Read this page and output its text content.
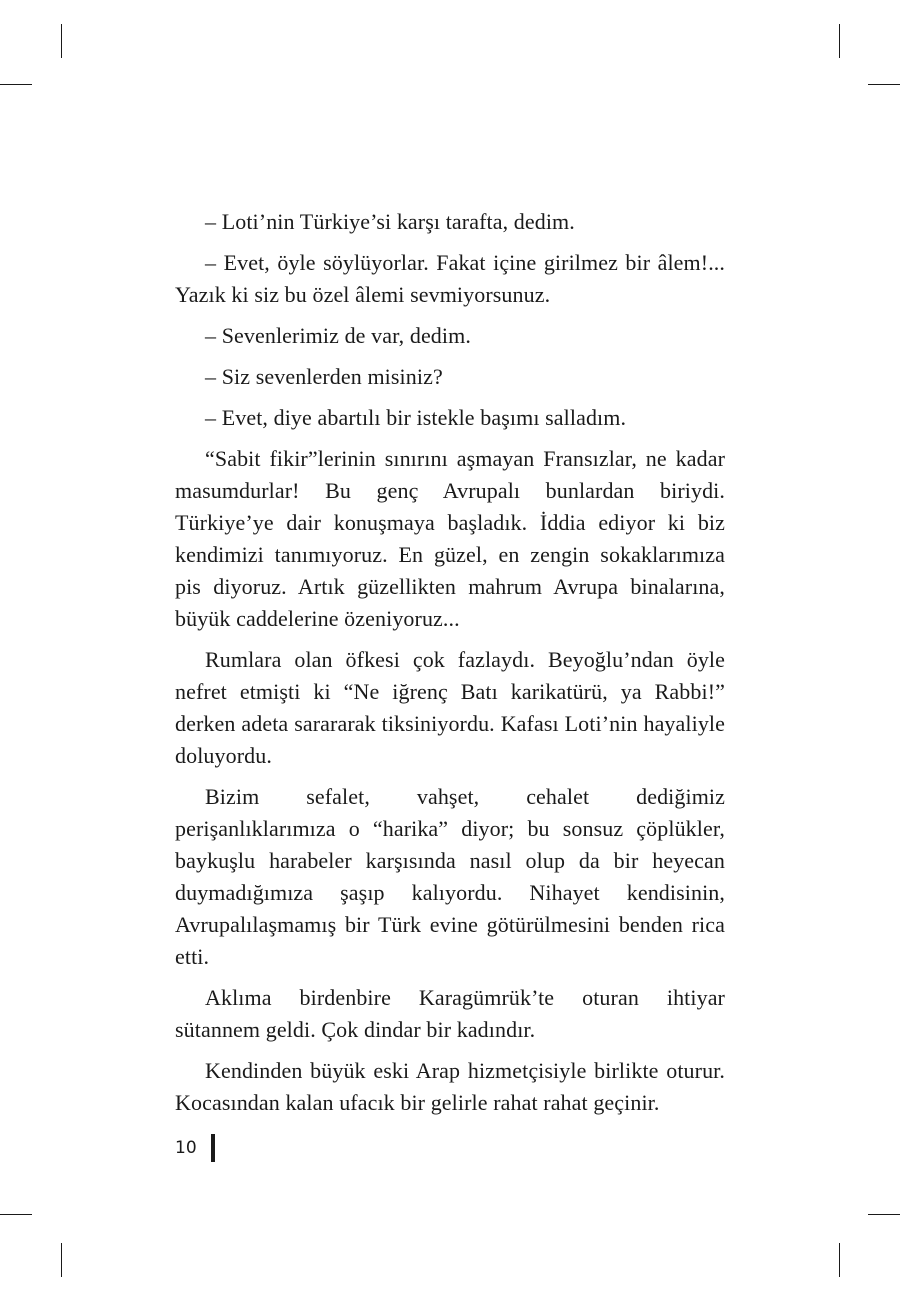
– Loti’nin Türkiye’si karşı tarafta, dedim.

– Evet, öyle söylüyorlar. Fakat içine girilmez bir âlem!... Yazık ki siz bu özel âlemi sevmiyorsunuz.

– Sevenlerimiz de var, dedim.

– Siz sevenlerden misiniz?

– Evet, diye abartılı bir istekle başımı salladım.

“Sabit fikir”lerinin sınırını aşmayan Fransızlar, ne kadar masumdurlar! Bu genç Avrupalı bunlardan biriydi. Türkiye’ye dair konuşmaya başladık. İddia ediyor ki biz kendimizi tanımıyoruz. En güzel, en zengin sokaklarımıza pis diyoruz. Artık güzellikten mahrum Avrupa binalarına, büyük caddelerine özeniyoruz...

Rumlara olan öfkesi çok fazlaydı. Beyoğlu’ndan öyle nefret etmişti ki “Ne iğrenç Batı karikatürü, ya Rabbi!” derken adeta sarararak tiksiniyordu. Kafası Loti’nin hayaliyle doluyordu.

Bizim sefalet, vahşet, cehalet dediğimiz perişanlıklarımıza o “harika” diyor; bu sonsuz çöplükler, baykuşlu harabeler karşısında nasıl olup da bir heyecan duymadığımıza şaşıp kalıyordu. Nihayet kendisinin, Avrupalılaşmamış bir Türk evine götürülmesini benden rica etti.

Aklıma birdenbire Karagümrük’te oturan ihtiyar sütannem geldi. Çok dindar bir kadındır.

Kendinden büyük eski Arap hizmetçisiyle birlikte oturur. Kocasından kalan ufacık bir gelirle rahat rahat geçinir.

10
